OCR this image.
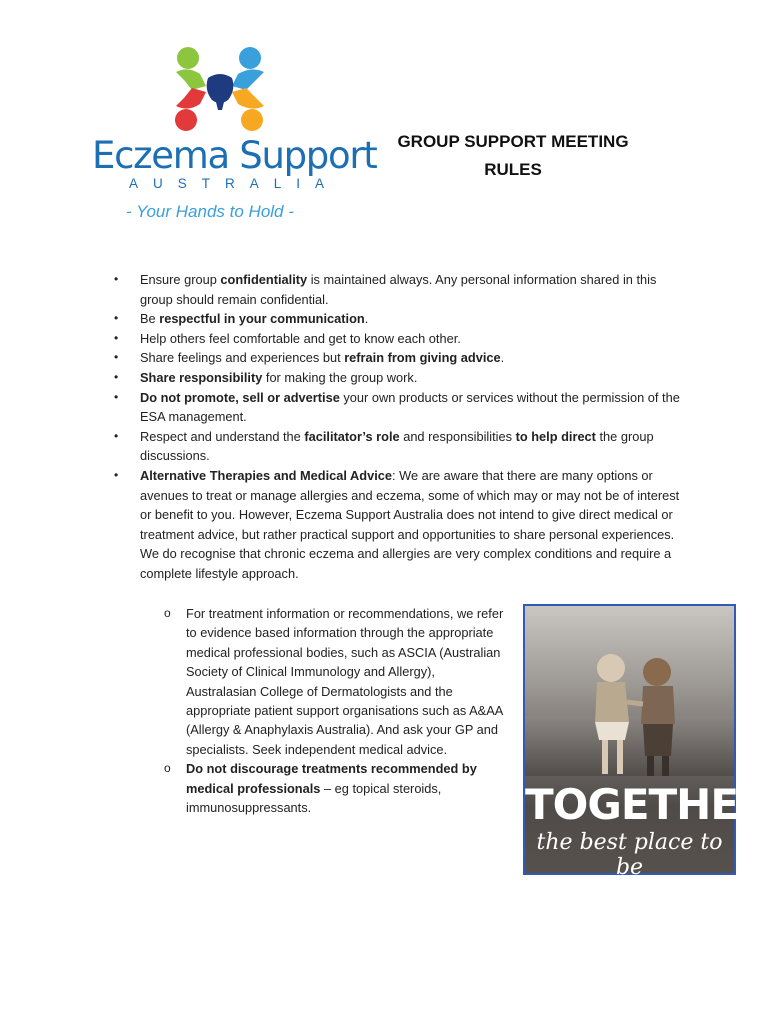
Eczema Support
AUSTRALIA
- Your Hands to Hold -
GROUP SUPPORT MEETING
RULES
• Ensure group confidentiality is maintained always. Any personal information shared in this group should remain confidential.
• Be respectful in your communication.
• Help others feel comfortable and get to know each other.
• Share feelings and experiences but refrain from giving advice.
• Share responsibility for making the group work.
• Do not promote, sell or advertise your own products or services without the permission of the ESA management.
• Respect and understand the facilitator’s role and responsibilities to help direct the group discussions.
• Alternative Therapies and Medical Advice: We are aware that there are many options or avenues to treat or manage allergies and eczema, some of which may or may not be of interest or benefit to you. However, Eczema Support Australia does not intend to give direct medical or treatment advice, but rather practical support and opportunities to share personal experiences. We do recognise that chronic eczema and allergies are very complex conditions and require a complete lifestyle approach.
o For treatment information or recommendations, we refer to evidence based information through the appropriate medical professional bodies, such as ASCIA (Australian Society of Clinical Immunology and Allergy), Australasian College of Dermatologists and the appropriate patient support organisations such as A&AA (Allergy & Anaphylaxis Australia). And ask your GP and specialists. Seek independent medical advice.
o Do not discourage treatments recommended by medical professionals – eg topical steroids, immunosuppressants.	TOGETHER
the best place to be
